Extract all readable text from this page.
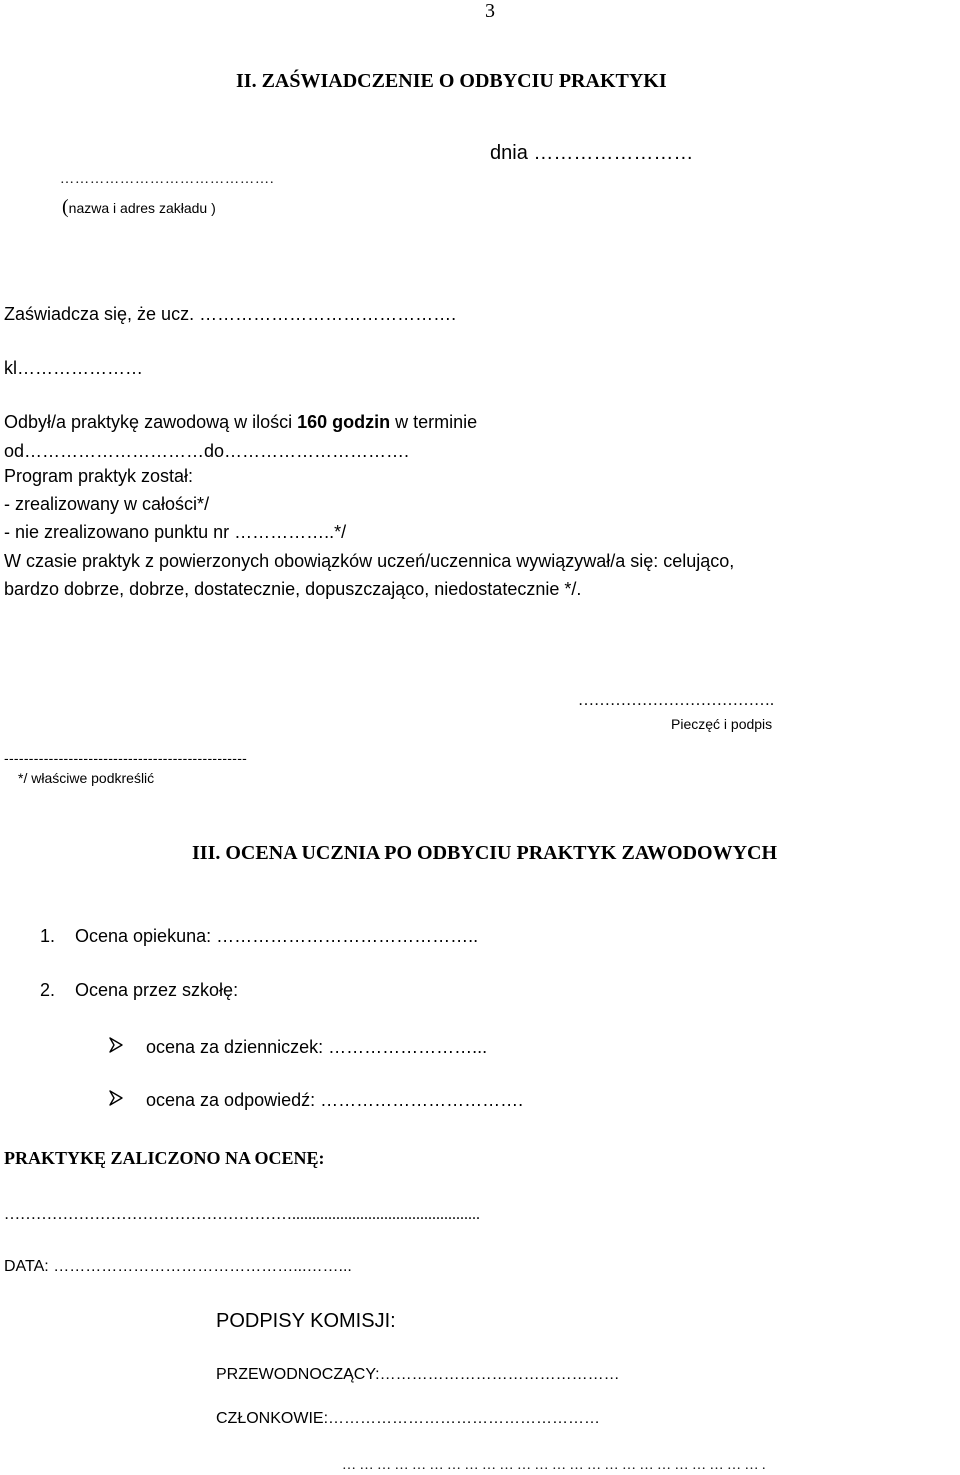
3
II. ZAŚWIADCZENIE O ODBYCIU PRAKTYKI
dnia ……………………
…………………………………….
(nazwa i adres zakładu )
Zaświadcza się, że ucz. …………………………………….
kl…………………
Odbył/a praktykę zawodową w ilości 160 godzin w terminie
od…………………………do………………………….
Program praktyk został:
- zrealizowany w całości*/
- nie zrealizowano punktu nr ……………..*/
W czasie praktyk z powierzonych obowiązków uczeń/uczennica wywiązywał/a się: celująco,
bardzo dobrze, dobrze, dostatecznie, dopuszczająco, niedostatecznie */.
……………………………….
Pieczęć i podpis
-------------------------------------------------
*/ właściwe podkreślić
III. OCENA UCZNIA PO ODBYCIU PRAKTYK ZAWODOWYCH
1. Ocena opiekuna: ……………………………………..
2. Ocena przez szkołę:
ocena za dzienniczek: ……………………...
ocena za odpowiedź: …………………………….
PRAKTYKĘ ZALICZONO NA OCENĘ:
………………………………………………...............................................
DATA: ………………………………………...……...
PODPISY KOMISJI:
PRZEWODNOCZĄCY:………………………………………
CZŁONKOWIE:……………………………………………
… … … … … … … … … … … … … … … … … … … … … … … … .
